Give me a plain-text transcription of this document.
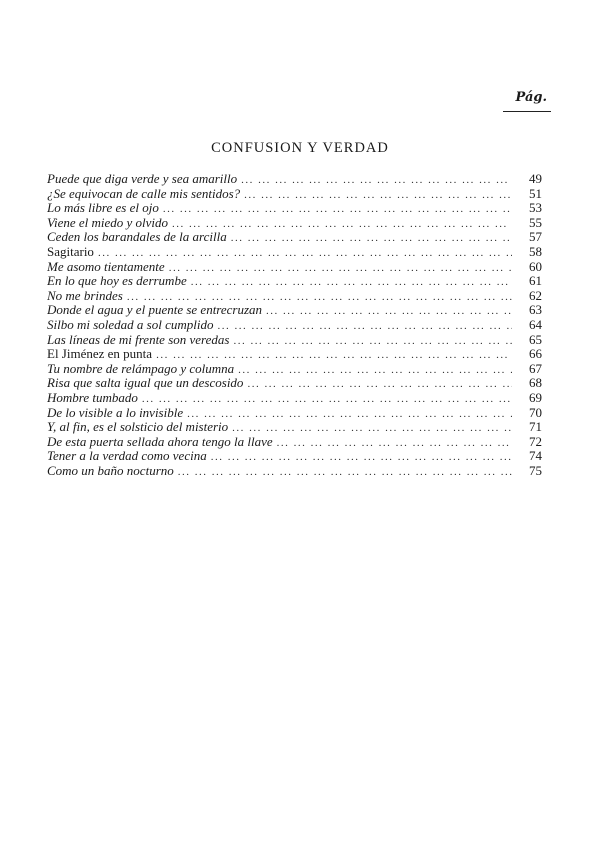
Pág.
CONFUSION Y VERDAD
Puede que diga verde y sea amarillo ... .	49
¿Se equivocan de calle mis sentidos? ... .	51
Lo más libre es el ojo ... .	53
Viene el miedo y olvido ... .	55
Ceden los barandales de la arcilla ... .	57
Sagitario ... .	58
Me asomo tientamente ... .	60
En lo que hoy es derrumbe ... .	61
No me brindes ... .	62
Donde el agua y el puente se entrecruzan ... .	63
Silbo mi soledad a sol cumplido ... .	64
Las líneas de mi frente son veredas ... .	65
El Jiménez en punta ... .	66
Tu nombre de relámpago y columna ... .	67
Risa que salta igual que un descosido ... .	68
Hombre tumbado ... .	69
De lo visible a lo invisible ... .	70
Y, al fin, es el solsticio del misterio ... .	71
De esta puerta sellada ahora tengo la llave ... .	72
Tener a la verdad como vecina ... .	74
Como un baño nocturno ... .	75
